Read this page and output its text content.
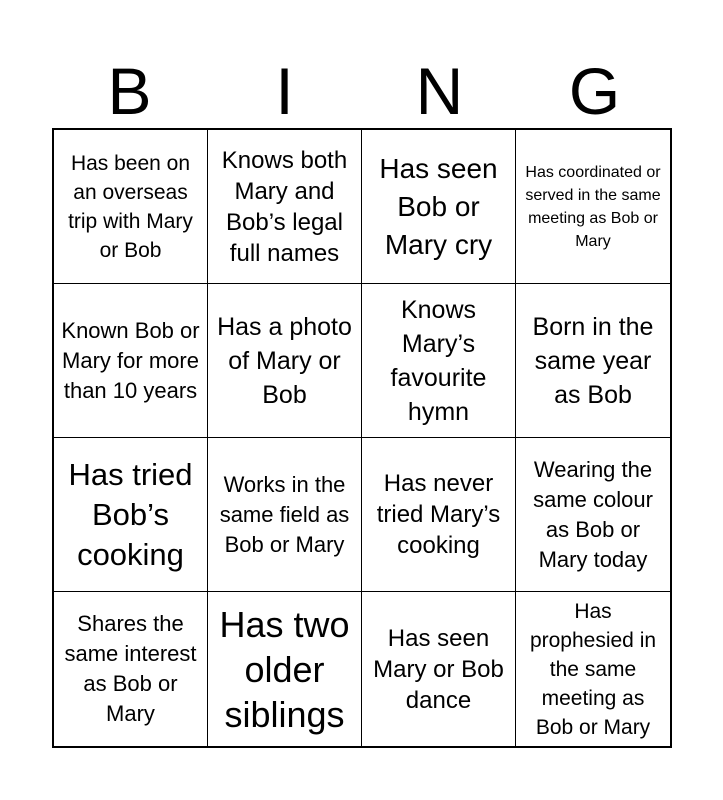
B	I	N	G
Has been on an overseas trip with Mary or Bob
Knows both Mary and Bob’s legal full names
Has seen Bob or Mary cry
Has coordinated or served in the same meeting as Bob or Mary
Known Bob or Mary for more than 10 years
Has a photo of Mary or Bob
Knows Mary’s favourite hymn
Born in the same year as Bob
Has tried Bob’s cooking
Works in the same field as Bob or Mary
Has never tried Mary’s cooking
Wearing the same colour as Bob or Mary today
Shares the same interest as Bob or Mary
Has two older siblings
Has seen Mary or Bob dance
Has prophesied in the same meeting as Bob or Mary
